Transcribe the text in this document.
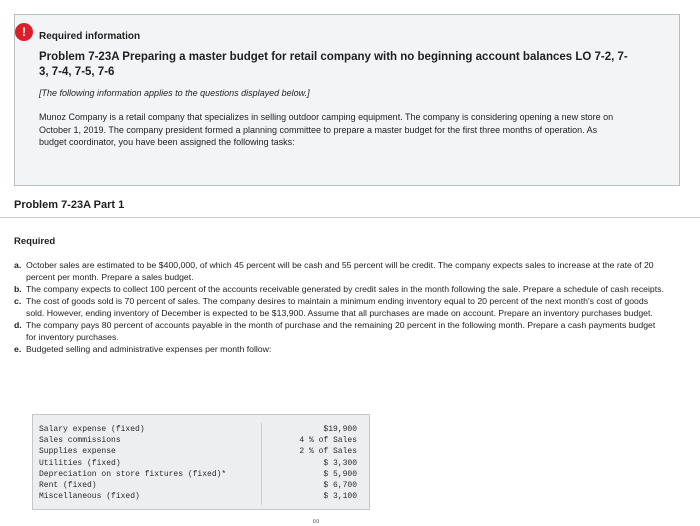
!	Required information
Problem 7-23A Preparing a master budget for retail company with no beginning account balances LO 7-2, 7-3, 7-4, 7-5, 7-6
[The following information applies to the questions displayed below.]
Munoz Company is a retail company that specializes in selling outdoor camping equipment. The company is considering opening a new store on October 1, 2019. The company president formed a planning committee to prepare a master budget for the first three months of operation. As budget coordinator, you have been assigned the following tasks:
Problem 7-23A Part 1
Required
a. October sales are estimated to be $400,000, of which 45 percent will be cash and 55 percent will be credit. The company expects sales to increase at the rate of 20 percent per month. Prepare a sales budget.
b. The company expects to collect 100 percent of the accounts receivable generated by credit sales in the month following the sale. Prepare a schedule of cash receipts.
c. The cost of goods sold is 70 percent of sales. The company desires to maintain a minimum ending inventory equal to 20 percent of the next month's cost of goods sold. However, ending inventory of December is expected to be $13,900. Assume that all purchases are made on account. Prepare an inventory purchases budget.
d. The company pays 80 percent of accounts payable in the month of purchase and the remaining 20 percent in the following month. Prepare a cash payments budget for inventory purchases.
e. Budgeted selling and administrative expenses per month follow:
Salary expense (fixed)	$19,900
Sales commissions	4 % of Sales
Supplies expense	2 % of Sales
Utilities (fixed)	$ 3,300
Depreciation on store fixtures (fixed)*	$ 5,900
Rent (fixed)	$ 6,700
Miscellaneous (fixed)	$ 3,100
∞
